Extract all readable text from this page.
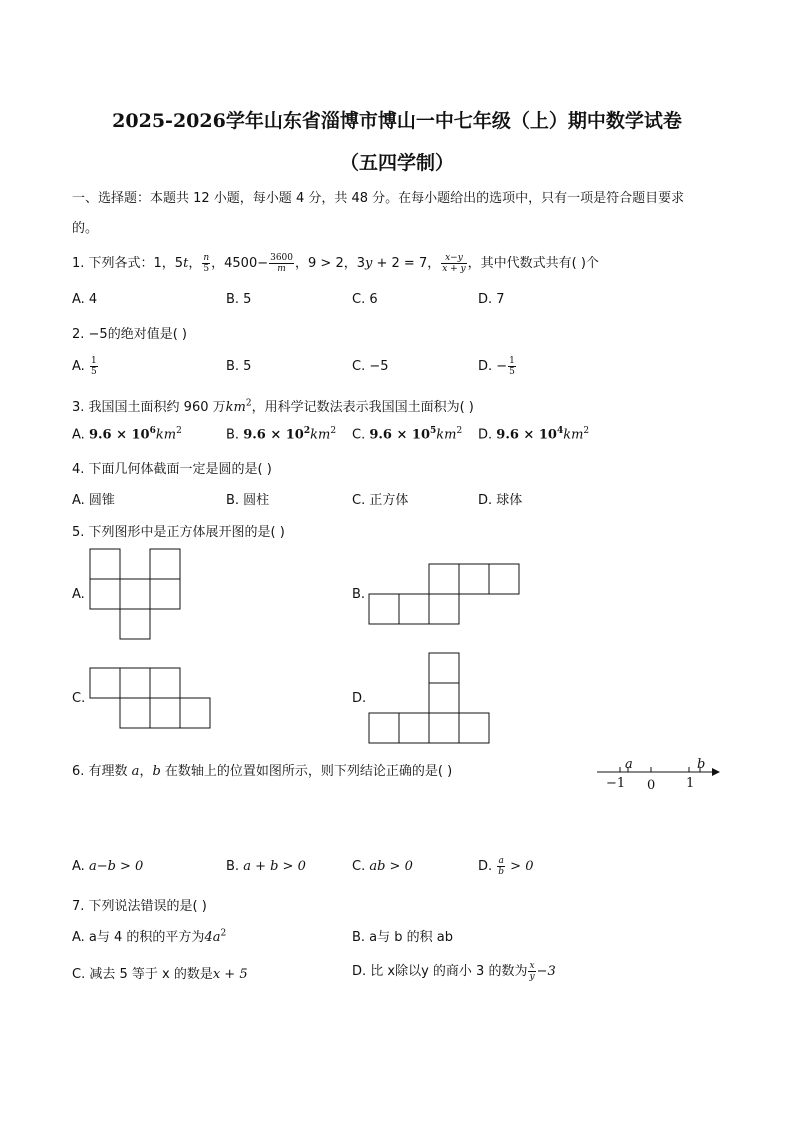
2025-2026学年山东省淄博市博山一中七年级（上）期中数学试卷
（五四学制）
一、选择题：本题共 12 小题，每小题 4 分，共 48 分。在每小题给出的选项中，只有一项是符合题目要求
的。
1. 下列各式：1，5t， $\frac{n}{5}$ ，$4500- \frac{3600}{m}$ ，9 > 2，3y + 2 = 7， $\frac{x-y}{x + y}$ ，其中代数式共有( )个
A. 4	B. 5	C. 6	D. 7
2. −5的绝对值是( )
A. $\frac{1}{5}$	B. 5	C. −5	D. − $\frac{1}{5}$
3. 我国国土面积约 960 万$km^2$，用科学记数法表示我国国土面积为( )
A. $9.6 \times 10^6km^2$	B. $9.6 \times 10^2km^2$ C. $9.6 \times 10^5km^2$ D. $9.6 \times 10^4km^2$
4. 下面几何体截面一定是圆的是( )
A. 圆锥	B. 圆柱	C. 正方体	D. 球体
5. 下列图形中是正方体展开图的是( )
A.	B.
C.	D.
−1 0 1
a	b
6. 有理数 a，b 在数轴上的位置如图所示，则下列结论正确的是( )
A. a−b > 0	B. a + b > 0	C. ab > 0	D. $\frac{a}{b} > 0$
7. 下列说法错误的是( )
A. a与 4 的积的平方为$4a^2$	B. a与 b 的积 ab
C. 减去 5 等于 x 的数是x + 5	D. 比 x除以y 的商小 3 的数为 $\frac{x}{y} -3$
